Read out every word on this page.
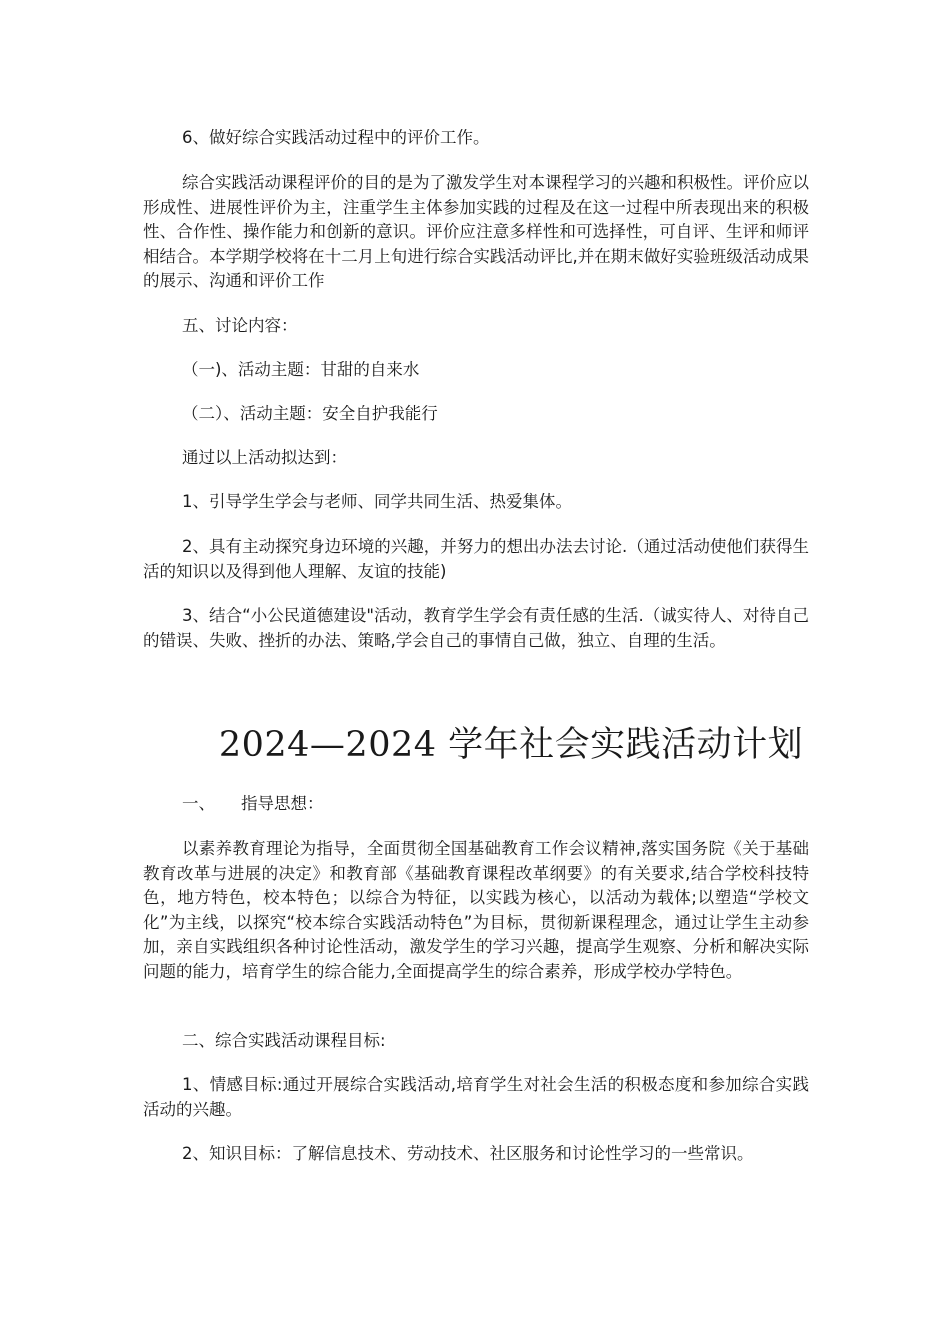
6、做好综合实践活动过程中的评价工作。

综合实践活动课程评价的目的是为了激发学生对本课程学习的兴趣和积极性。评价应以形成性、进展性评价为主，注重学生主体参加实践的过程及在这一过程中所表现出来的积极性、合作性、操作能力和创新的意识。评价应注意多样性和可选择性，可自评、生评和师评相结合。本学期学校将在十二月上旬进行综合实践活动评比,并在期末做好实验班级活动成果的展示、沟通和评价工作

五、讨论内容：

（一)、活动主题：甘甜的自来水

（二）、活动主题：安全自护我能行

通过以上活动拟达到：

1、引导学生学会与老师、同学共同生活、热爱集体。

2、具有主动探究身边环境的兴趣，并努力的想出办法去讨论.（通过活动使他们获得生活的知识以及得到他人理解、友谊的技能)

3、结合“小公民道德建设"活动，教育学生学会有责任感的生活.（诚实待人、对待自己的错误、失败、挫折的办法、策略,学会自己的事情自己做，独立、自理的生活。

2024—2024 学年社会实践活动计划

一、 指导思想：

以素养教育理论为指导，全面贯彻全国基础教育工作会议精神,落实国务院《关于基础教育改革与进展的决定》和教育部《基础教育课程改革纲要》的有关要求,结合学校科技特色，地方特色，校本特色；以综合为特征，以实践为核心，以活动为载体;以塑造“学校文化”为主线，以探究“校本综合实践活动特色”为目标，贯彻新课程理念，通过让学生主动参加，亲自实践组织各种讨论性活动，激发学生的学习兴趣，提高学生观察、分析和解决实际问题的能力，培育学生的综合能力,全面提高学生的综合素养，形成学校办学特色。

二、综合实践活动课程目标:

1、情感目标:通过开展综合实践活动,培育学生对社会生活的积极态度和参加综合实践活动的兴趣。

2、知识目标：了解信息技术、劳动技术、社区服务和讨论性学习的一些常识。
